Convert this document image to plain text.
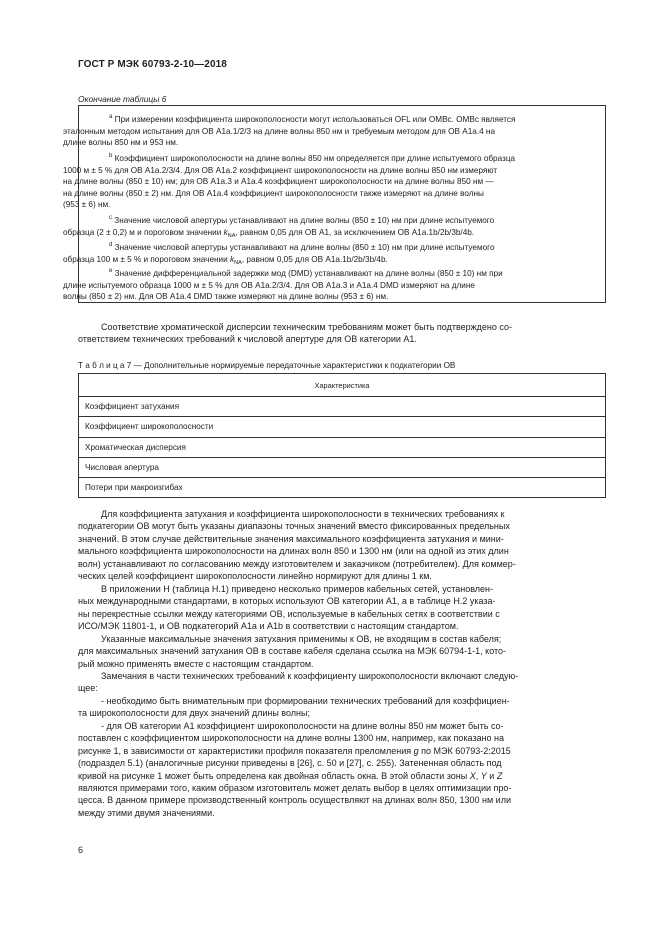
ГОСТ Р МЭК 60793-2-10—2018
Окончание таблицы 6
$^a$ При измерении коэффициента широкополосности могут использоваться OFL или ОМВс. ОМВс является
эталонным методом испытания для ОВ А1а.1/2/3 на длине волны 850 нм и требуемым методом для ОВ А1а.4 на
длине волны 850 нм и 953 нм.
$^b$ Коэффициент широкополосности на длине волны 850 нм определяется при длине испытуемого образца
1000 м ± 5 % для ОВ А1а.2/3/4. Для ОВ А1а.2 коэффициент широкополосности на длине волны 850 нм измеряют
на длине волны (850 ± 10) нм; для ОВ А1а.3 и А1а.4 коэффициент широкополосности на длине волны 850 нм —
на длине волны (850 ± 2) нм. Для ОВ А1а.4 коэффициент широкополосности также измеряют на длине волны
(953 ± 6) нм.
$^c$ Значение числовой апертуры устанавливают на длине волны (850 ± 10) нм при длине испытуемого
образца (2 ± 0,2) м и пороговом значении $k_{NA}$, равном 0,05 для ОВ А1, за исключением ОВ А1а.1b/2b/3b/4b.
$^d$ Значение числовой апертуры устанавливают на длине волны (850 ± 10) нм при длине испытуемого
образца 100 м ± 5 % и пороговом значении $k_{NA}$, равном 0,05 для ОВ А1а.1b/2b/3b/4b.
$^e$ Значение дифференциальной задержки мод (DMD) устанавливают на длине волны (850 ± 10) нм при
длине испытуемого образца 1000 м ± 5 % для ОВ А1а.2/3/4. Для ОВ А1а.3 и А1а.4 DMD измеряют на длине
волны (850 ± 2) нм. Для ОВ А1а.4 DMD также измеряют на длине волны (953 ± 6) нм.
Соответствие хроматической дисперсии техническим требованиям может быть подтверждено со-
ответствием технических требований к числовой апертуре для ОВ категории А1.
Т а б л и ц а 7 — Дополнительные нормируемые передаточные характеристики к подкатегории ОВ
Характеристика
Коэффициент затухания
Коэффициент широкополосности
Хроматическая дисперсия
Числовая апертура
Потери при макроизгибах
Для коэффициента затухания и коэффициента широкополосности в технических требованиях к
подкатегории ОВ могут быть указаны диапазоны точных значений вместо фиксированных предельных
значений. В этом случае действительные значения максимального коэффициента затухания и мини-
мального коэффициента широкополосности на длинах волн 850 и 1300 нм (или на одной из этих длин
волн) устанавливают по согласованию между изготовителем и заказчиком (потребителем). Для коммер-
ческих целей коэффициент широкополосности линейно нормируют для длины 1 км.
В приложении Н (таблица Н.1) приведено несколько примеров кабельных сетей, установлен-
ных международными стандартами, в которых используют ОВ категории А1, а в таблице Н.2 указа-
ны перекрестные ссылки между категориями ОВ, используемые в кабельных сетях в соответствии с
ИСО/МЭК 11801-1, и ОВ подкатегорий А1а и А1b в соответствии с настоящим стандартом.
Указанные максимальные значения затухания применимы к ОВ, не входящим в состав кабеля;
для максимальных значений затухания ОВ в составе кабеля сделана ссылка на МЭК 60794-1-1, кото-
рый можно применять вместе с настоящим стандартом.
Замечания в части технических требований к коэффициенту широкополосности включают следую-
щее:
- необходимо быть внимательным при формировании технических требований для коэффициен-
та широкополосности для двух значений длины волны;
- для ОВ категории А1 коэффициент широкополосности на длине волны 850 нм может быть со-
поставлен с коэффициентом широкополосности на длине волны 1300 нм, например, как показано на
рисунке 1, в зависимости от характеристики профиля показателя преломления g по МЭК 60793-2:2015
(подраздел 5.1) (аналогичные рисунки приведены в [26], с. 50 и [27], с. 255). Затененная область под
кривой на рисунке 1 может быть определена как двойная область окна. В этой области зоны X, Y и Z
являются примерами того, каким образом изготовитель может делать выбор в целях оптимизации про-
цесса. В данном примере производственный контроль осуществляют на длинах волн 850, 1300 нм или
между этими двумя значениями.
6
